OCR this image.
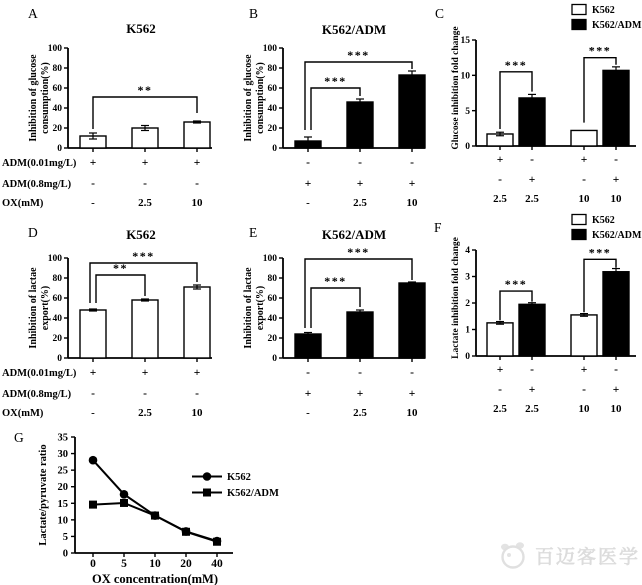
A
K562
Inhibition of glucose consumption(%)
0
20
40
60
80
100
**
ADM(0.01mg/L) +	+	+
ADM(0.8mg/L) -	-	-
OX(mM)	-	2.5	10
B
K562/ADM
Inhibition of glucose consumption(%)
0
20
40
60
80
100
***
***
-	-	-
+	+	+
-	2.5	10
C
Glucose inhibition fold change 0
5
10
15
***
***
+ -	+ -
- +	- +
2.5 2.5	10 10
K562
K562/ADM
D	K562
Inhibition of lactae export(%)
0
20
40
60
80
100
**
***
ADM(0.01mg/L) +	+	+
ADM(0.8mg/L) -	-	-
OX(mM)	-	2.5	10
E	K562/ADM
Inhibition of lactae export(%)
0
20
40
60
80
100
***
***
-	-	-
+	+	+
-	2.5	10
F
Lactate inhibition fold change 0
1
2
3
4
***
***
+ -	+ -
- +	- +
2.5 2.5	10 10
K562
K562/ADM
G
0
5
10
15
20
25
30
35
0 5 10 20 40
OX concentration(mM)
Lactate/pyruvate ratio	K562
K562/ADM
百迈客医学
